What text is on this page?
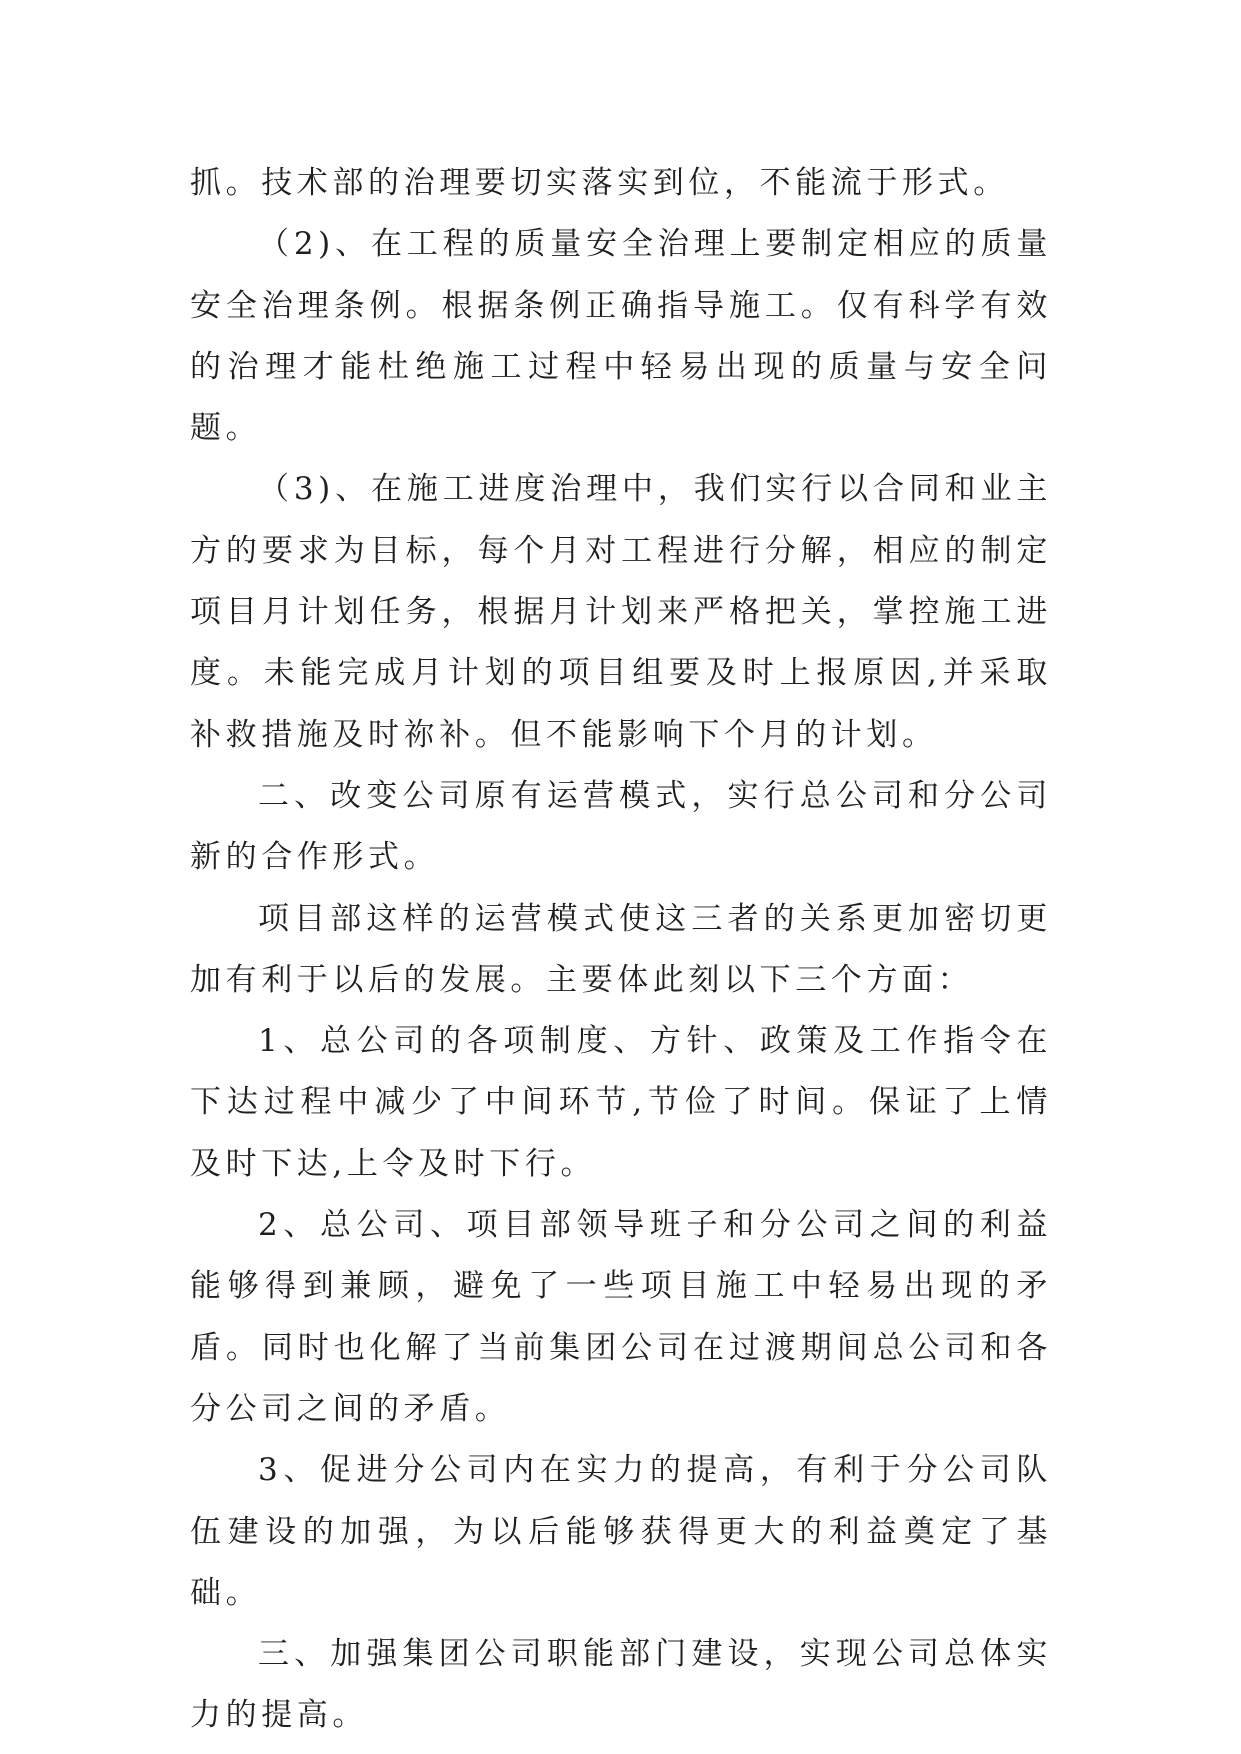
抓。技术部的治理要切实落实到位，不能流于形式。

（2)、在工程的质量安全治理上要制定相应的质量安全治理条例。根据条例正确指导施工。仅有科学有效的治理才能杜绝施工过程中轻易出现的质量与安全问题。

（3)、在施工进度治理中，我们实行以合同和业主方的要求为目标，每个月对工程进行分解，相应的制定项目月计划任务，根据月计划来严格把关，掌控施工进度。未能完成月计划的项目组要及时上报原因,并采取补救措施及时祢补。但不能影响下个月的计划。

二、改变公司原有运营模式，实行总公司和分公司新的合作形式。

项目部这样的运营模式使这三者的关系更加密切更加有利于以后的发展。主要体此刻以下三个方面：

1、总公司的各项制度、方针、政策及工作指令在下达过程中减少了中间环节,节俭了时间。保证了上情及时下达,上令及时下行。

2、总公司、项目部领导班子和分公司之间的利益能够得到兼顾，避免了一些项目施工中轻易出现的矛盾。同时也化解了当前集团公司在过渡期间总公司和各分公司之间的矛盾。

3、促进分公司内在实力的提高，有利于分公司队伍建设的加强，为以后能够获得更大的利益奠定了基础。

三、加强集团公司职能部门建设，实现公司总体实力的提高。
